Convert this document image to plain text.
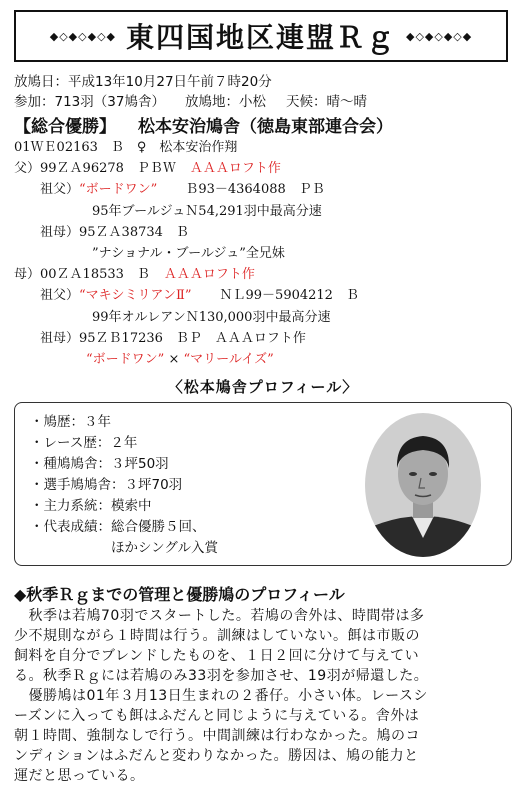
◆◇◆◇◆◇◆ 東四国地区連盟Ｒｇ ◆◇◆◇◆◇◆
放鳩日：平成13年10月27日午前７時20分
参加：713羽（37鳩舎） 放鳩地：小松 天候：晴～晴
【総合優勝】 松本安治鳩舎（徳島東部連合会）
01ＷＥ02163　Ｂ　♀　松本安治作翔
父）99ＺＡ96278　ＰＢＷ ＡＡＡロフト作
祖父）“ボードワン” Ｂ93－4364088　ＰＢ
95年ブールジュＮ54,291羽中最高分速
祖母）95ＺＡ38734　Ｂ
”ナショナル・ブールジュ”全兄妹
母）00ＺＡ18533　Ｂ ＡＡＡロフト作
祖父）“マキシミリアンⅡ” ＮＬ99－5904212　Ｂ
99年オルレアンＮ130,000羽中最高分速
祖母）95ＺＢ17236　ＢＰ　ＡＡＡロフト作
“ボードワン” × “マリールイズ”
〈松本鳩舎プロフィール〉
・鳩歴：３年
・レース歴：２年
・種鳩鳩舎：３坪50羽
・選手鳩鳩舎：３坪70羽
・主力系統：模索中
・代表成績：総合優勝５回、
　　　　　　ほかシングル入賞
◆秋季Ｒｇまでの管理と優勝鳩のプロフィール
　秋季は若鳩70羽でスタートした。若鳩の舎外は、時間帯は多
少不規則ながら１時間は行う。訓練はしていない。餌は市販の
飼料を自分でブレンドしたものを、１日２回に分けて与えてい
る。秋季Ｒｇには若鳩のみ33羽を参加させ、19羽が帰還した。
　優勝鳩は01年３月13日生まれの２番仔。小さい体。レースシ
ーズンに入っても餌はふだんと同じように与えている。舎外は
朝１時間、強制なしで行う。中間訓練は行わなかった。鳩のコ
ンディションはふだんと変わりなかった。勝因は、鳩の能力と
運だと思っている。
